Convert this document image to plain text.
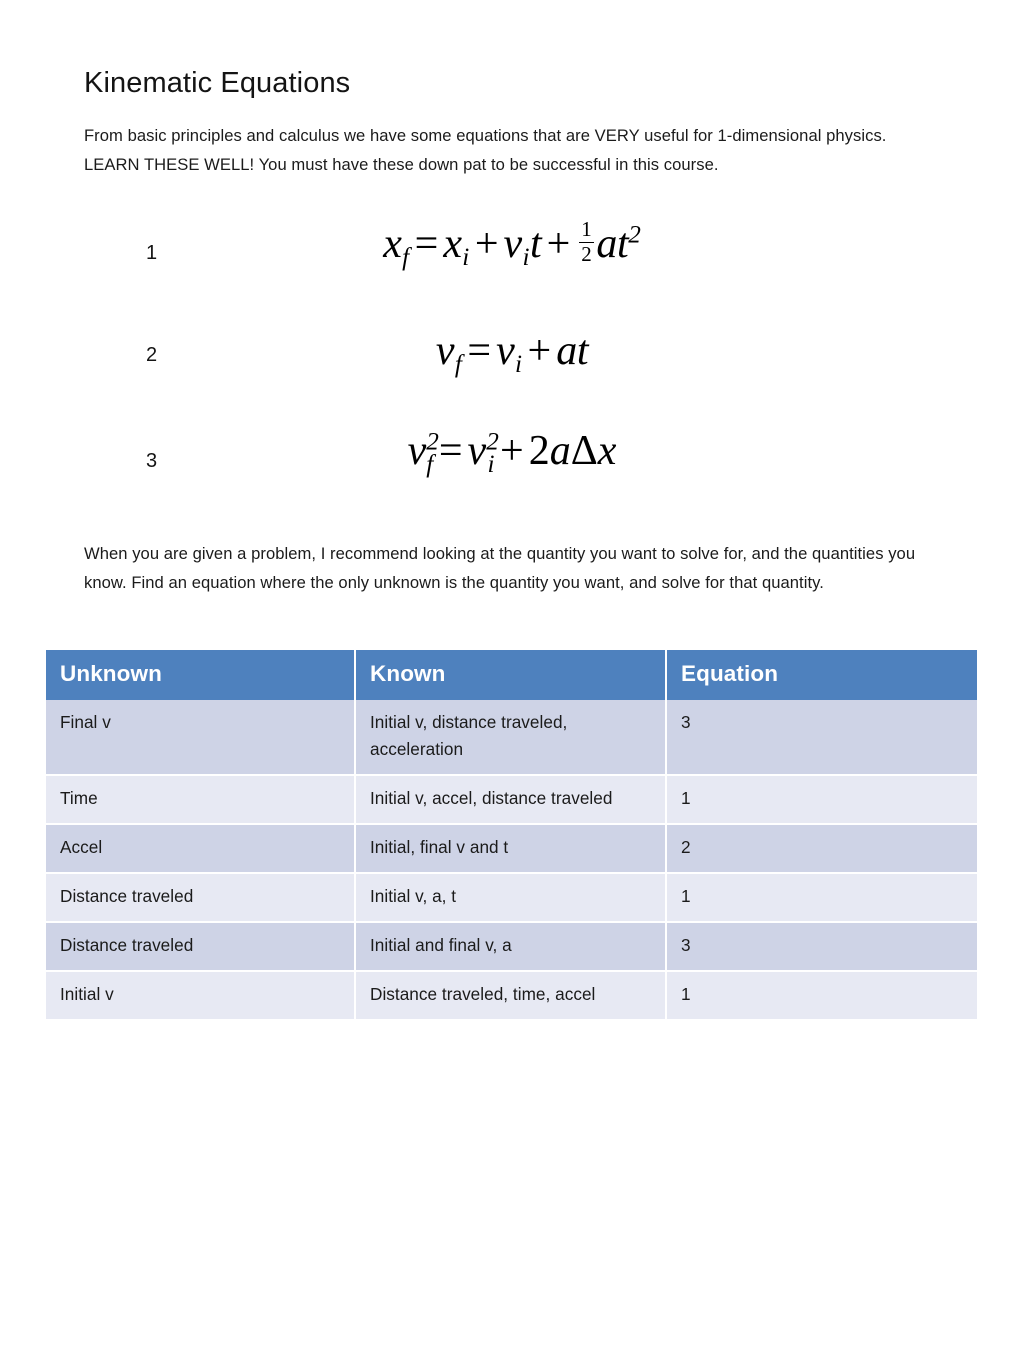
Kinematic Equations

From basic principles and calculus we have some equations that are VERY useful for 1-dimensional physics. LEARN THESE WELL! You must have these down pat to be successful in this course.

1	$x_f = x_i + v_it + \frac{1}{2} at^2$
2	$v_f = v_i$ + at
3	$v^2_f = v^2_i + 2a\Delta x$

When you are given a problem, I recommend looking at the quantity you want to solve for, and the quantities you know. Find an equation where the only unknown is the quantity you want, and solve for that quantity.

Unknown	Known	Equation
Final v	Initial v, distance traveled, acceleration	3
Time	Initial v, accel, distance traveled	1
Accel	Initial, final v and t	2
Distance traveled	Initial v, a, t	1
Distance traveled	Initial and final v, a	3
Initial v	Distance traveled, time, accel	1
